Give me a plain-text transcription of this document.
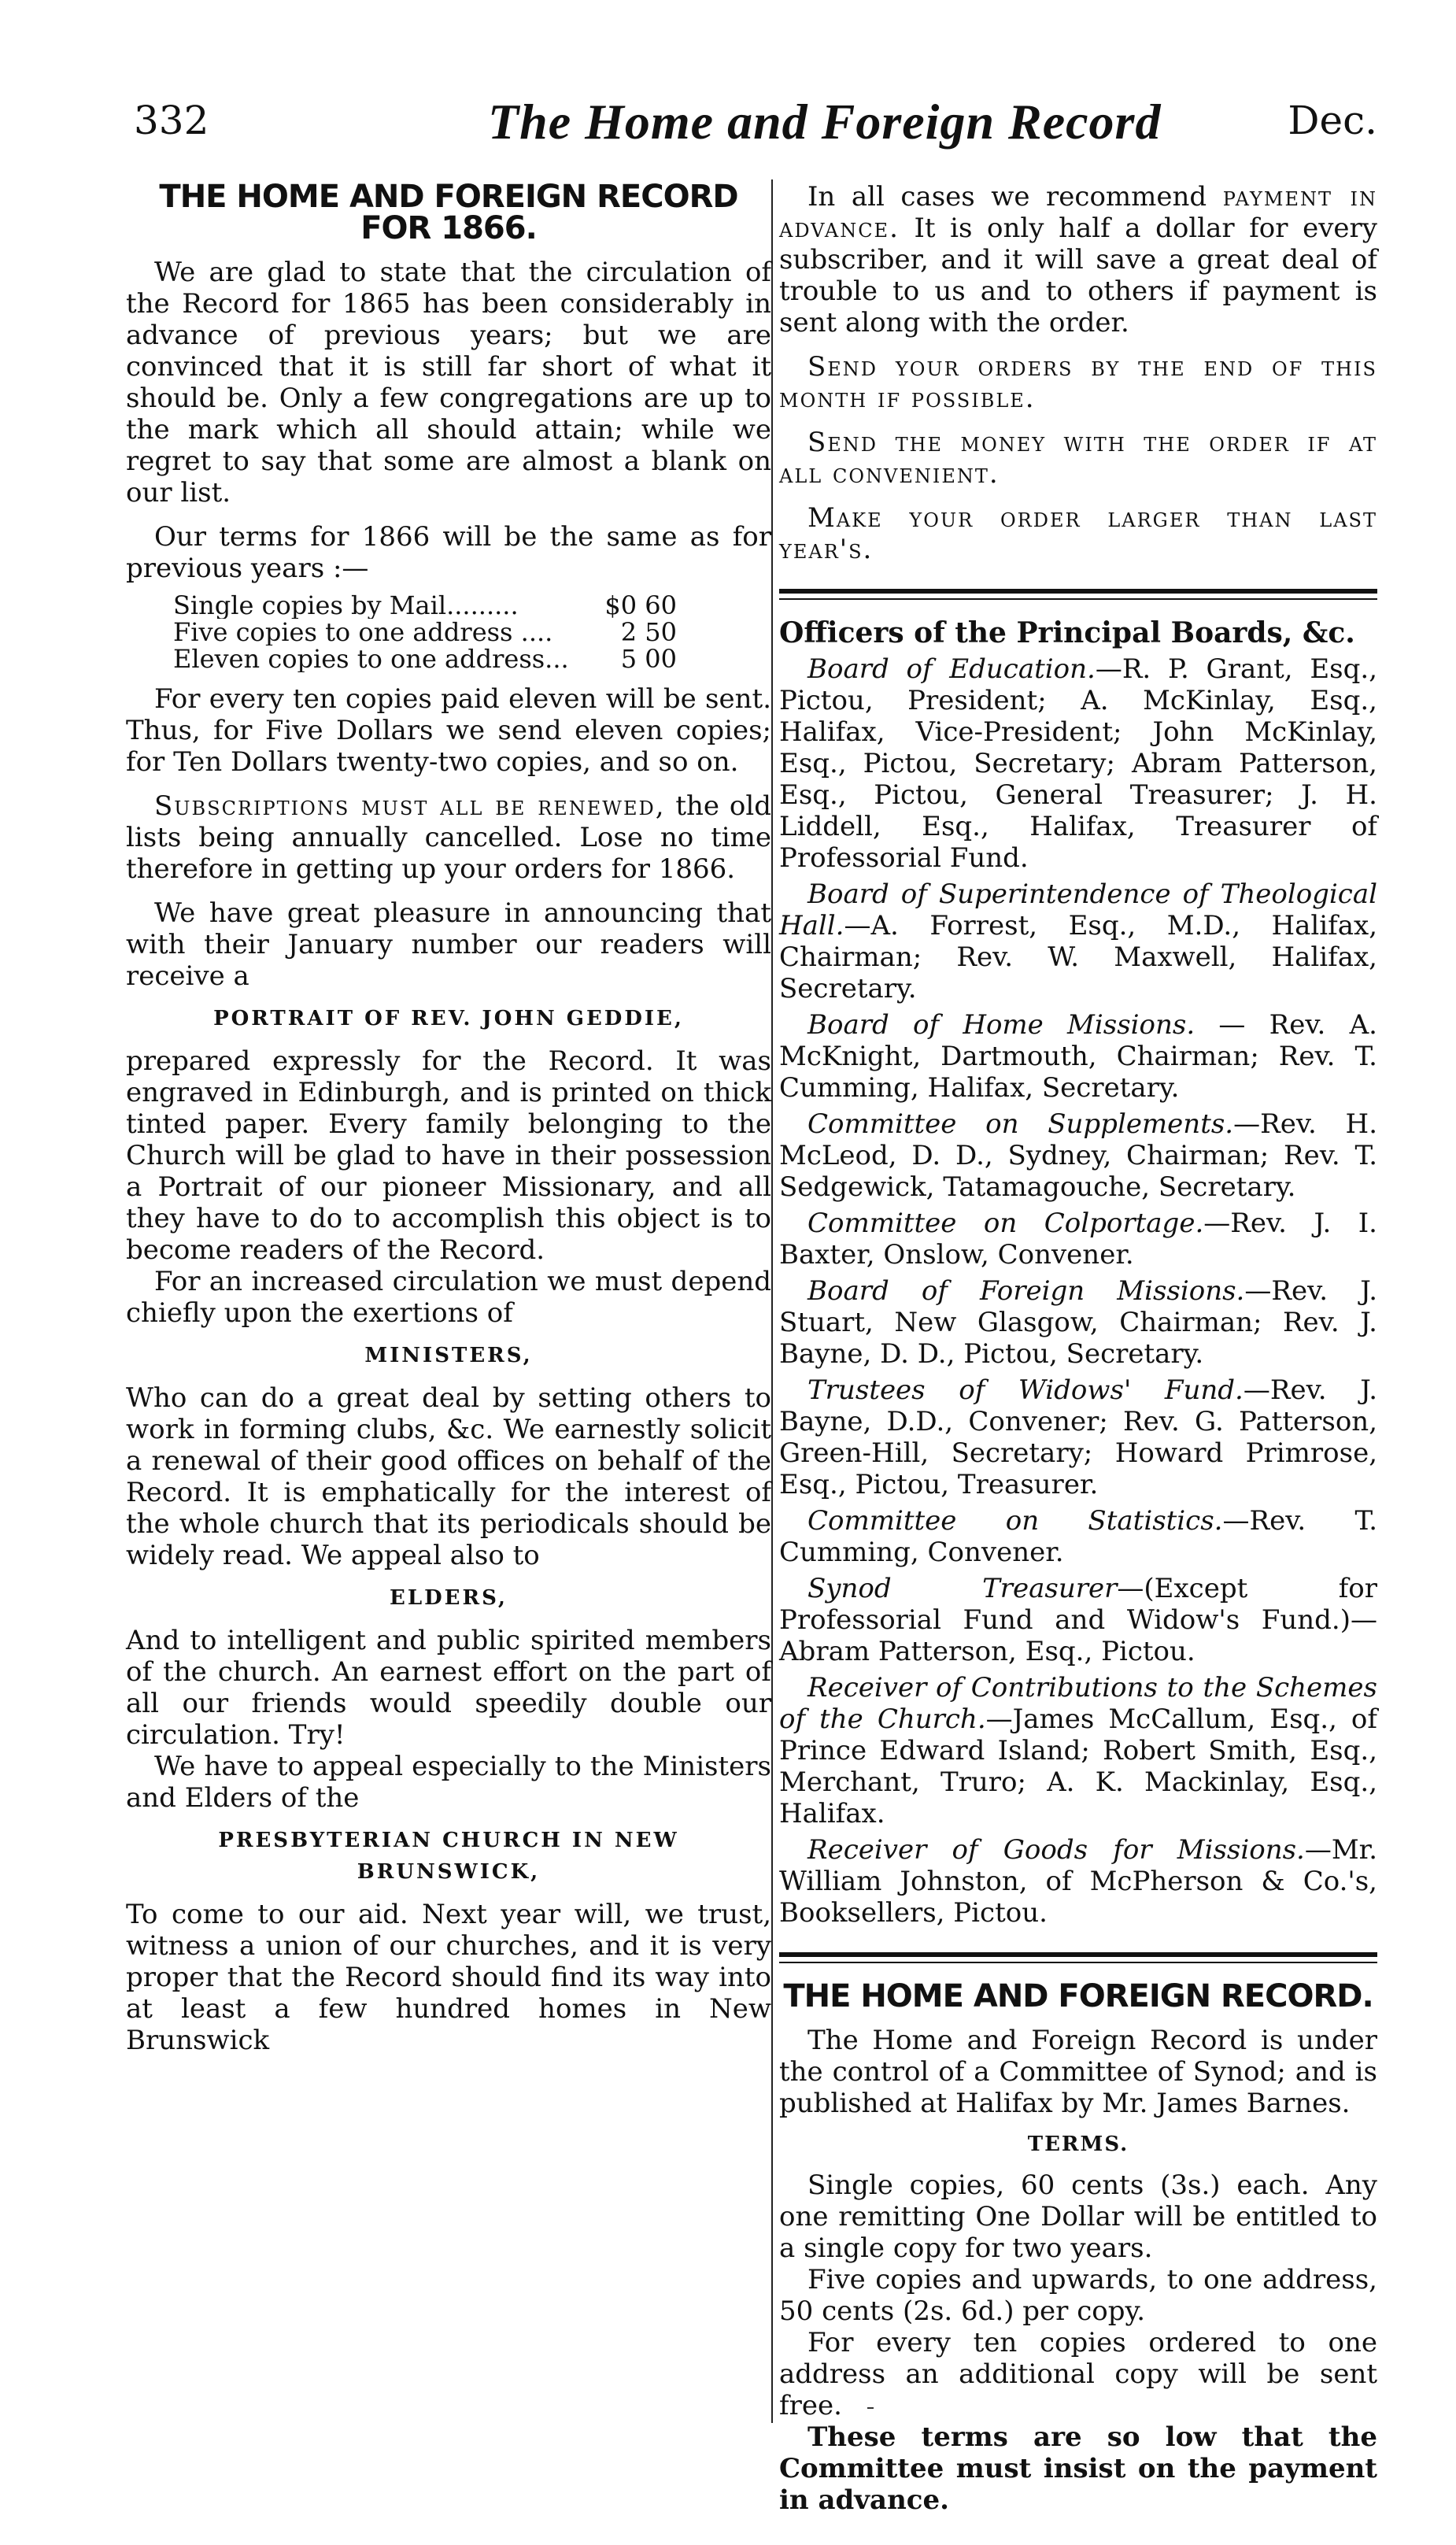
332	The Home and Foreign Record	Dec.
THE HOME AND FOREIGN RECORD FOR 1866.

We are glad to state that the circulation of the Record for 1865 has been considerably in advance of previous years; but we are convinced that it is still far short of what it should be. Only a few congregations are up to the mark which all should attain; while we regret to say that some are almost a blank on our list.

Our terms for 1866 will be the same as for previous years :—

Single copies by Mail.........	$0 60
Five copies to one address ....	2 50
Eleven copies to one address...	5 00

For every ten copies paid eleven will be sent. Thus, for Five Dollars we send eleven copies; for Ten Dollars twenty-two copies, and so on.

Subscriptions must all be renewed, the old lists being annually cancelled. Lose no time therefore in getting up your orders for 1866.

We have great pleasure in announcing that with their January number our readers will receive a

PORTRAIT OF REV. JOHN GEDDIE,

prepared expressly for the Record. It was engraved in Edinburgh, and is printed on thick tinted paper. Every family belonging to the Church will be glad to have in their possession a Portrait of our pioneer Missionary, and all they have to do to accomplish this object is to become readers of the Record.

For an increased circulation we must depend chiefly upon the exertions of

MINISTERS,

Who can do a great deal by setting others to work in forming clubs, &c. We earnestly solicit a renewal of their good offices on behalf of the Record. It is emphatically for the interest of the whole church that its periodicals should be widely read. We appeal also to

ELDERS,

And to intelligent and public spirited members of the church. An earnest effort on the part of all our friends would speedily double our circulation. Try!

We have to appeal especially to the Ministers and Elders of the

PRESBYTERIAN CHURCH IN NEW BRUNSWICK,

To come to our aid. Next year will, we trust, witness a union of our churches, and it is very proper that the Record should find its way into at least a few hundred homes in New Brunswick

In all cases we recommend payment in advance. It is only half a dollar for every subscriber, and it will save a great deal of trouble to us and to others if payment is sent along with the order.

Send your orders by the end of this month if possible.

Send the money with the order if at all convenient.

Make your order larger than last year's.

Officers of the Principal Boards, &c.

Board of Education.—R. P. Grant, Esq., Pictou, President; A. McKinlay, Esq., Halifax, Vice-President; John McKinlay, Esq., Pictou, Secretary; Abram Patterson, Esq., Pictou, General Treasurer; J. H. Liddell, Esq., Halifax, Treasurer of Professorial Fund.

Board of Superintendence of Theological Hall.—A. Forrest, Esq., M.D., Halifax, Chairman; Rev. W. Maxwell, Halifax, Secretary.

Board of Home Missions. — Rev. A. McKnight, Dartmouth, Chairman; Rev. T. Cumming, Halifax, Secretary.

Committee on Supplements.—Rev. H. McLeod, D. D., Sydney, Chairman; Rev. T. Sedgewick, Tatamagouche, Secretary.

Committee on Colportage.—Rev. J. I. Baxter, Onslow, Convener.

Board of Foreign Missions.—Rev. J. Stuart, New Glasgow, Chairman; Rev. J. Bayne, D. D., Pictou, Secretary.

Trustees of Widows' Fund.—Rev. J. Bayne, D.D., Convener; Rev. G. Patterson, Green-Hill, Secretary; Howard Primrose, Esq., Pictou, Treasurer.

Committee on Statistics.—Rev. T. Cumming, Convener.

Synod Treasurer—(Except for Professorial Fund and Widow's Fund.)—Abram Patterson, Esq., Pictou.

Receiver of Contributions to the Schemes of the Church.—James McCallum, Esq., of Prince Edward Island; Robert Smith, Esq., Merchant, Truro; A. K. Mackinlay, Esq., Halifax.

Receiver of Goods for Missions.—Mr. William Johnston, of McPherson & Co.'s, Booksellers, Pictou.

THE HOME AND FOREIGN RECORD.

The Home and Foreign Record is under the control of a Committee of Synod; and is published at Halifax by Mr. James Barnes.

TERMS.

Single copies, 60 cents (3s.) each. Any one remitting One Dollar will be entitled to a single copy for two years.

Five copies and upwards, to one address, 50 cents (2s. 6d.) per copy.

For every ten copies ordered to one address an additional copy will be sent free.

These terms are so low that the Committee must insist on the payment in advance.
